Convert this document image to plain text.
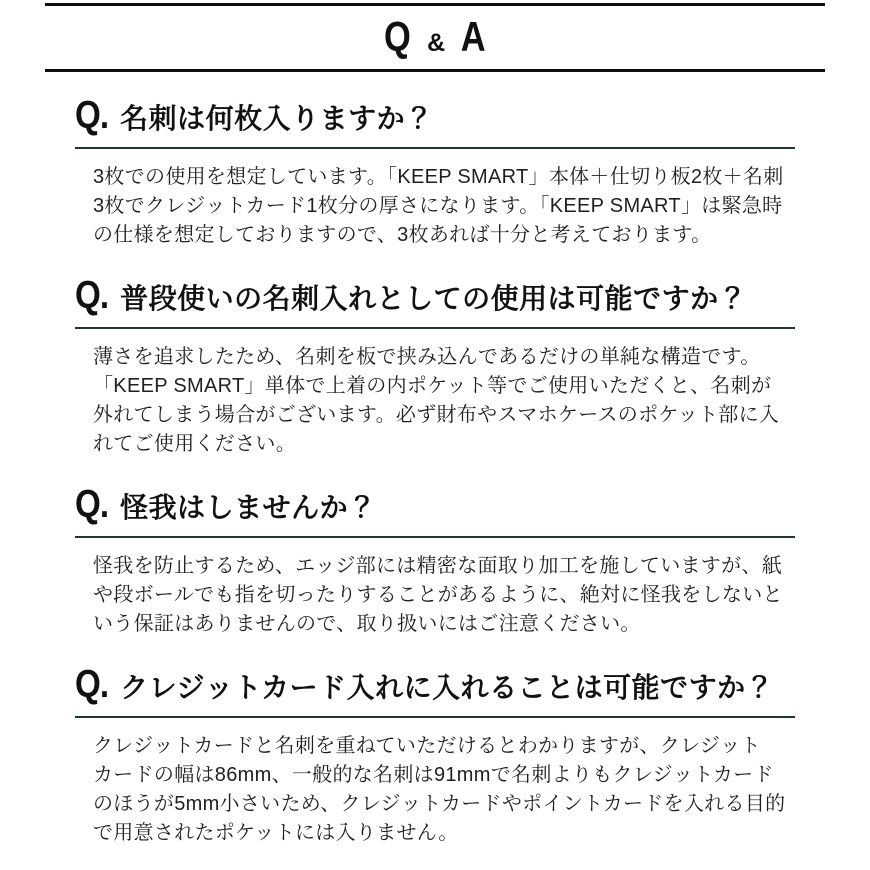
Q & A
Q. 名刺は何枚入りますか？

3枚での使用を想定しています。「KEEP SMART」本体＋仕切り板2枚＋名刺3枚でクレジットカード1枚分の厚さになります。「KEEP SMART」は緊急時の仕様を想定しておりますので、3枚あれば十分と考えております。

Q. 普段使いの名刺入れとしての使用は可能ですか？

薄さを追求したため、名刺を板で挟み込んであるだけの単純な構造です。「KEEP SMART」単体で上着の内ポケット等でご使用いただくと、名刺が外れてしまう場合がございます。必ず財布やスマホケースのポケット部に入れてご使用ください。

Q. 怪我はしませんか？

怪我を防止するため、エッジ部には精密な面取り加工を施していますが、紙や段ボールでも指を切ったりすることがあるように、絶対に怪我をしないという保証はありませんので、取り扱いにはご注意ください。

Q. クレジットカード入れに入れることは可能ですか？

クレジットカードと名刺を重ねていただけるとわかりますが、クレジットカードの幅は86mm、一般的な名刺は91mmで名刺よりもクレジットカードのほうが5mm小さいため、クレジットカードやポイントカードを入れる目的で用意されたポケットには入りません。
